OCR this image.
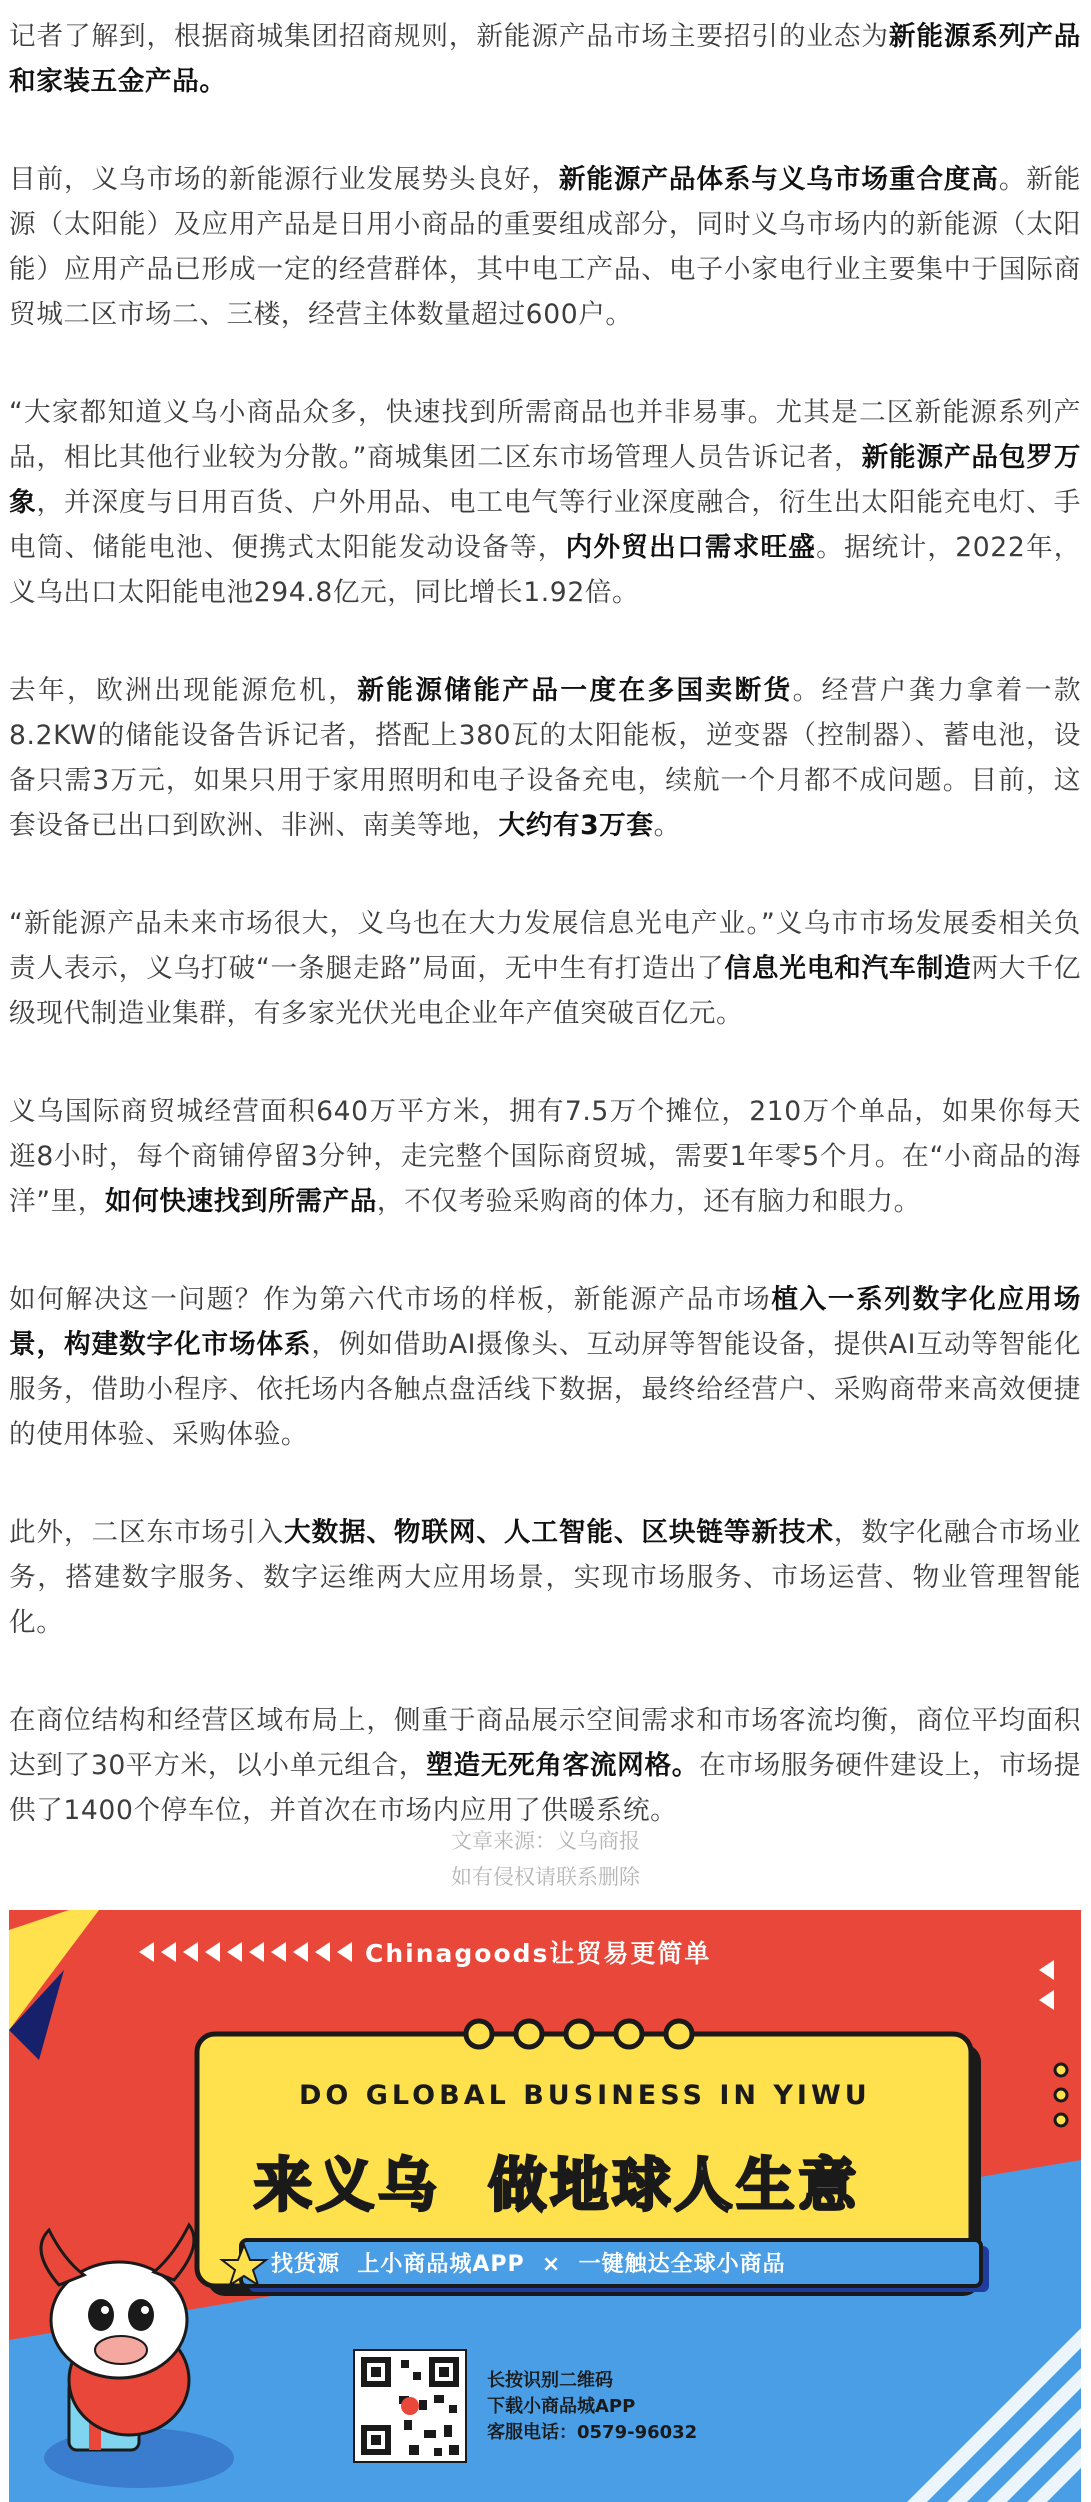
记者了解到，根据商城集团招商规则，新能源产品市场主要招引的业态为新能源系列产品和家装五金产品。

目前，义乌市场的新能源行业发展势头良好，新能源产品体系与义乌市场重合度高。新能源（太阳能）及应用产品是日用小商品的重要组成部分，同时义乌市场内的新能源（太阳能）应用产品已形成一定的经营群体，其中电工产品、电子小家电行业主要集中于国际商贸城二区市场二、三楼，经营主体数量超过600户。

“大家都知道义乌小商品众多，快速找到所需商品也并非易事。尤其是二区新能源系列产品，相比其他行业较为分散。”商城集团二区东市场管理人员告诉记者，新能源产品包罗万象，并深度与日用百货、户外用品、电工电气等行业深度融合，衍生出太阳能充电灯、手电筒、储能电池、便携式太阳能发动设备等，内外贸出口需求旺盛。据统计，2022年，义乌出口太阳能电池294.8亿元，同比增长1.92倍。

去年，欧洲出现能源危机，新能源储能产品一度在多国卖断货。经营户龚力拿着一款8.2KW的储能设备告诉记者，搭配上380瓦的太阳能板，逆变器（控制器）、蓄电池，设备只需3万元，如果只用于家用照明和电子设备充电，续航一个月都不成问题。目前，这套设备已出口到欧洲、非洲、南美等地，大约有3万套。

“新能源产品未来市场很大，义乌也在大力发展信息光电产业。”义乌市市场发展委相关负责人表示，义乌打破“一条腿走路”局面，无中生有打造出了信息光电和汽车制造两大千亿级现代制造业集群，有多家光伏光电企业年产值突破百亿元。

义乌国际商贸城经营面积640万平方米，拥有7.5万个摊位，210万个单品，如果你每天逛8小时，每个商铺停留3分钟，走完整个国际商贸城，需要1年零5个月。在“小商品的海洋”里，如何快速找到所需产品，不仅考验采购商的体力，还有脑力和眼力。

如何解决这一问题？作为第六代市场的样板，新能源产品市场植入一系列数字化应用场景，构建数字化市场体系，例如借助AI摄像头、互动屏等智能设备，提供AI互动等智能化服务，借助小程序、依托场内各触点盘活线下数据，最终给经营户、采购商带来高效便捷的使用体验、采购体验。

此外，二区东市场引入大数据、物联网、人工智能、区块链等新技术，数字化融合市场业务，搭建数字服务、数字运维两大应用场景，实现市场服务、市场运营、物业管理智能化。

在商位结构和经营区域布局上，侧重于商品展示空间需求和市场客流均衡，商位平均面积达到了30平方米，以小单元组合，塑造无死角客流网格。在市场服务硬件建设上，市场提供了1400个停车位，并首次在市场内应用了供暖系统。

文章来源：义乌商报
如有侵权请联系删除
Chinagoods让贸易更简单
DO GLOBAL BUSINESS IN YIWU
来义乌  做地球人生意
找货源  上小商品城APP  ×  一键触达全球小商品
长按识别二维码
下载小商品城APP
客服电话：0579-96032
